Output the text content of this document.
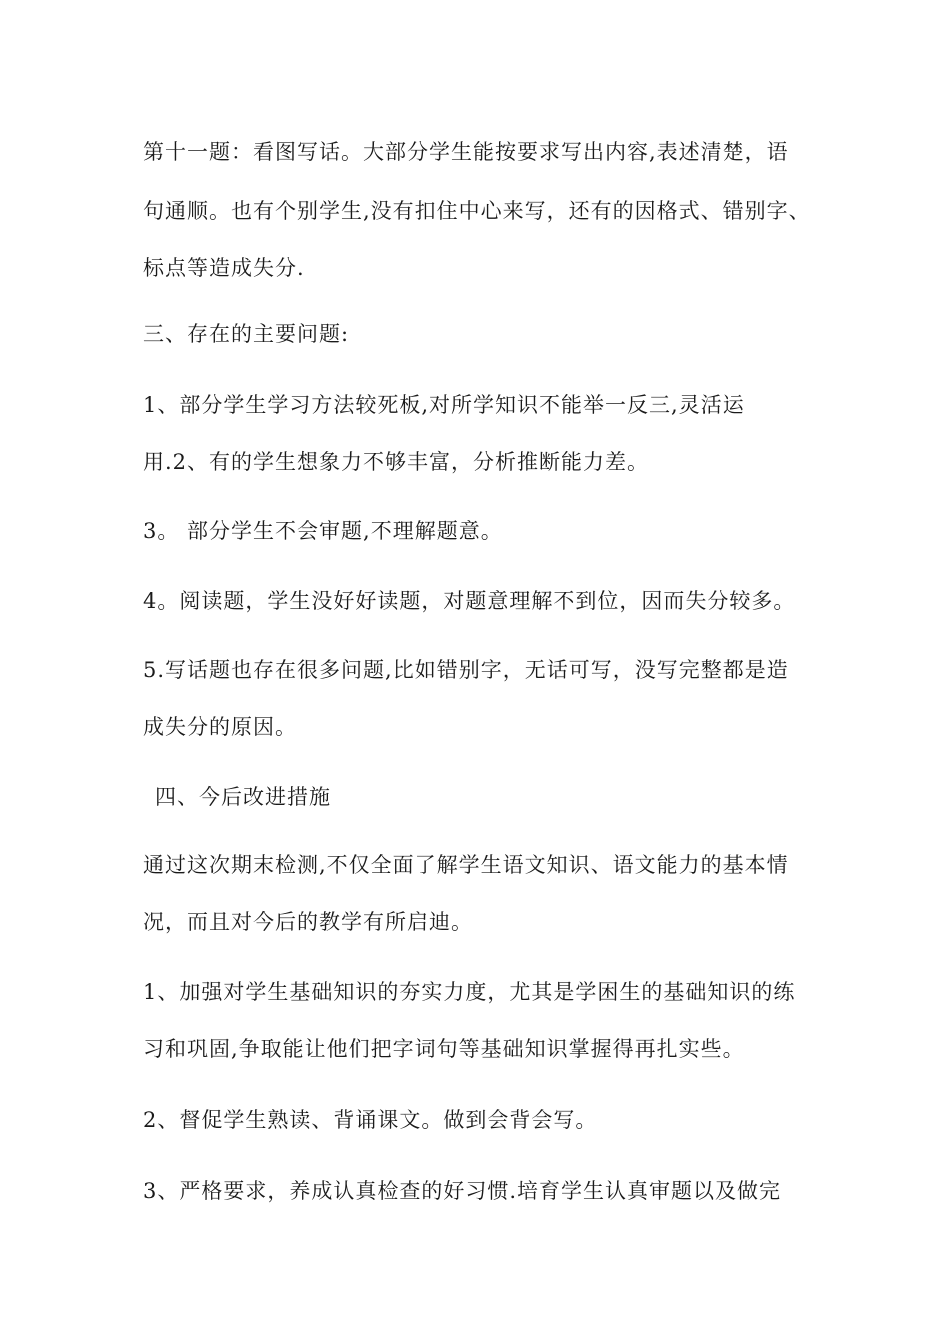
第十一题：看图写话。大部分学生能按要求写出内容,表述清楚，语
句通顺。也有个别学生,没有扣住中心来写，还有的因格式、错别字、
标点等造成失分.
三、存在的主要问题:
1、部分学生学习方法较死板,对所学知识不能举一反三,灵活运
用.2、有的学生想象力不够丰富，分析推断能力差。
3。 部分学生不会审题,不理解题意。
4。阅读题，学生没好好读题，对题意理解不到位，因而失分较多。
5.写话题也存在很多问题,比如错别字，无话可写，没写完整都是造
成失分的原因。
四、今后改进措施
通过这次期末检测,不仅全面了解学生语文知识、语文能力的基本情
况，而且对今后的教学有所启迪。
1、加强对学生基础知识的夯实力度，尤其是学困生的基础知识的练
习和巩固,争取能让他们把字词句等基础知识掌握得再扎实些。
2、督促学生熟读、背诵课文。做到会背会写。
3、严格要求，养成认真检查的好习惯.培育学生认真审题以及做完
